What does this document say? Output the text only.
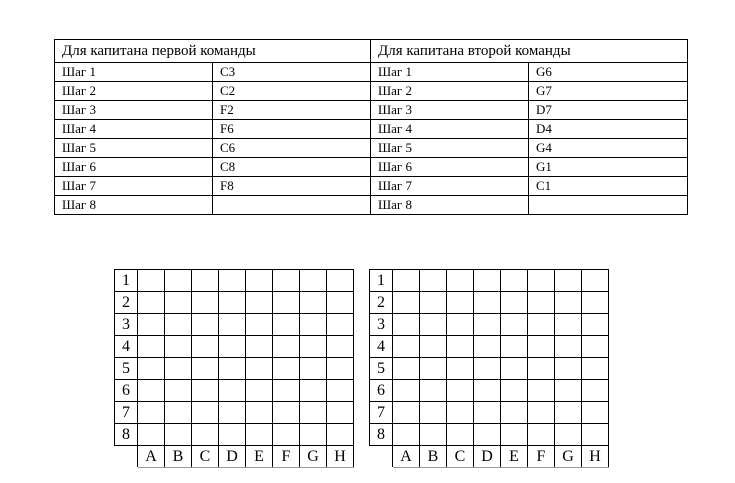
Для капитана первой команды		Для капитана второй команды	
Шаг 1	C3	Шаг 1	G6
Шаг 2	C2	Шаг 2	G7
Шаг 3	F2	Шаг 3	D7
Шаг 4	F6	Шаг 4	D4
Шаг 5	C6	Шаг 5	G4
Шаг 6	C8	Шаг 6	G1
Шаг 7	F8	Шаг 7	C1
Шаг 8		Шаг 8	
1								
2								
3								
4								
5								
6								
7								
8								
	A	B	C	D	E	F	G	H
1								
2								
3								
4								
5								
6								
7								
8								
	A	B	C	D	E	F	G	H
